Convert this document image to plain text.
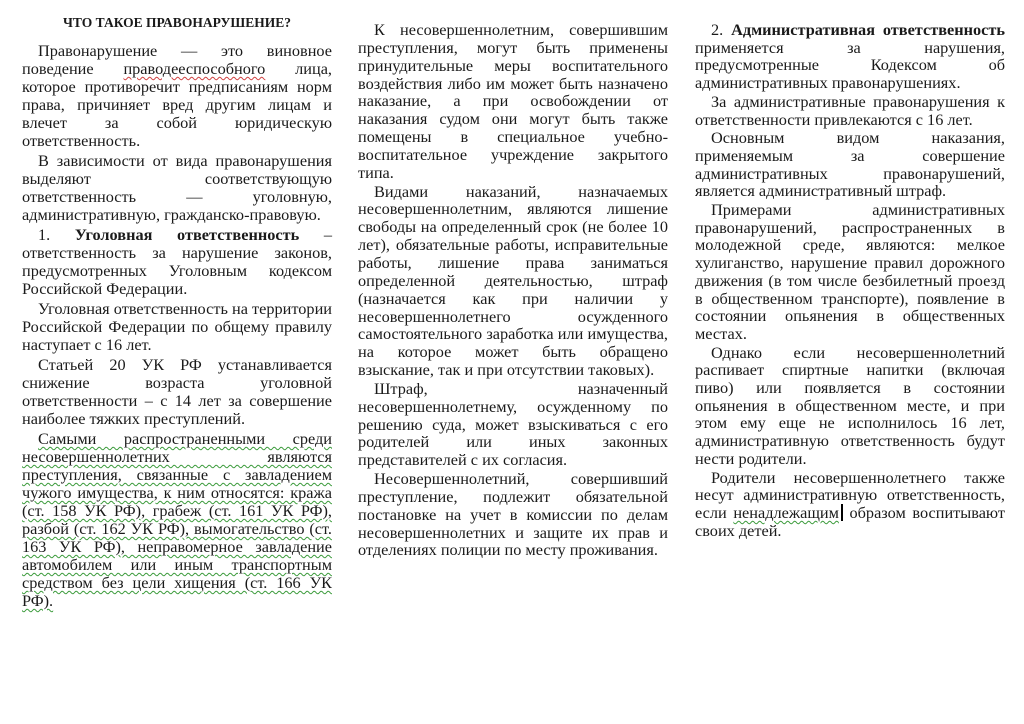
ЧТО ТАКОЕ ПРАВОНАРУШЕНИЕ?

Правонарушение — это виновное поведение праводееспособного лица, которое противоречит предписаниям норм права, причиняет вред другим лицам и влечет за собой юридическую ответственность.

В зависимости от вида правонарушения выделяют соответствующую ответственность — уголовную, административную, гражданско-правовую.

1. Уголовная ответственность – ответственность за нарушение законов, предусмотренных Уголовным кодексом Российской Федерации.

Уголовная ответственность на территории Российской Федерации по общему правилу наступает с 16 лет.

Статьей 20 УК РФ устанавливается снижение возраста уголовной ответственности – с 14 лет за совершение наиболее тяжких преступлений.

Самыми распространенными среди несовершеннолетних являются преступления, связанные с завладением чужого имущества, к ним относятся: кража (ст. 158 УК РФ), грабеж (ст. 161 УК РФ), разбой (ст. 162 УК РФ), вымогательство (ст. 163 УК РФ), неправомерное завладение автомобилем или иным транспортным средством без цели хищения (ст. 166 УК РФ).

К несовершеннолетним, совершившим преступления, могут быть применены принудительные меры воспитательного воздействия либо им может быть назначено наказание, а при освобождении от наказания судом они могут быть также помещены в специальное учебно-воспитательное учреждение закрытого типа.

Видами наказаний, назначаемых несовершеннолетним, являются лишение свободы на определенный срок (не более 10 лет), обязательные работы, исправительные работы, лишение права заниматься определенной деятельностью, штраф (назначается как при наличии у несовершеннолетнего осужденного самостоятельного заработка или имущества, на которое может быть обращено взыскание, так и при отсутствии таковых).

Штраф, назначенный несовершеннолетнему, осужденному по решению суда, может взыскиваться с его родителей или иных законных представителей с их согласия.

Несовершеннолетний, совершивший преступление, подлежит обязательной постановке на учет в комиссии по делам несовершеннолетних и защите их прав и отделениях полиции по месту проживания.

2. Административная ответственность применяется за нарушения, предусмотренные Кодексом об административных правонарушениях.

За административные правонарушения к ответственности привлекаются с 16 лет.

Основным видом наказания, применяемым за совершение административных правонарушений, является административный штраф.

Примерами административных правонарушений, распространенных в молодежной среде, являются: мелкое хулиганство, нарушение правил дорожного движения (в том числе безбилетный проезд в общественном транспорте), появление в состоянии опьянения в общественных местах.

Однако если несовершеннолетний распивает спиртные напитки (включая пиво) или появляется в состоянии опьянения в общественном месте, и при этом ему еще не исполнилось 16 лет, административную ответственность будут нести родители.

Родители несовершеннолетнего также несут административную ответственность, если ненадлежащим образом воспитывают своих детей.
